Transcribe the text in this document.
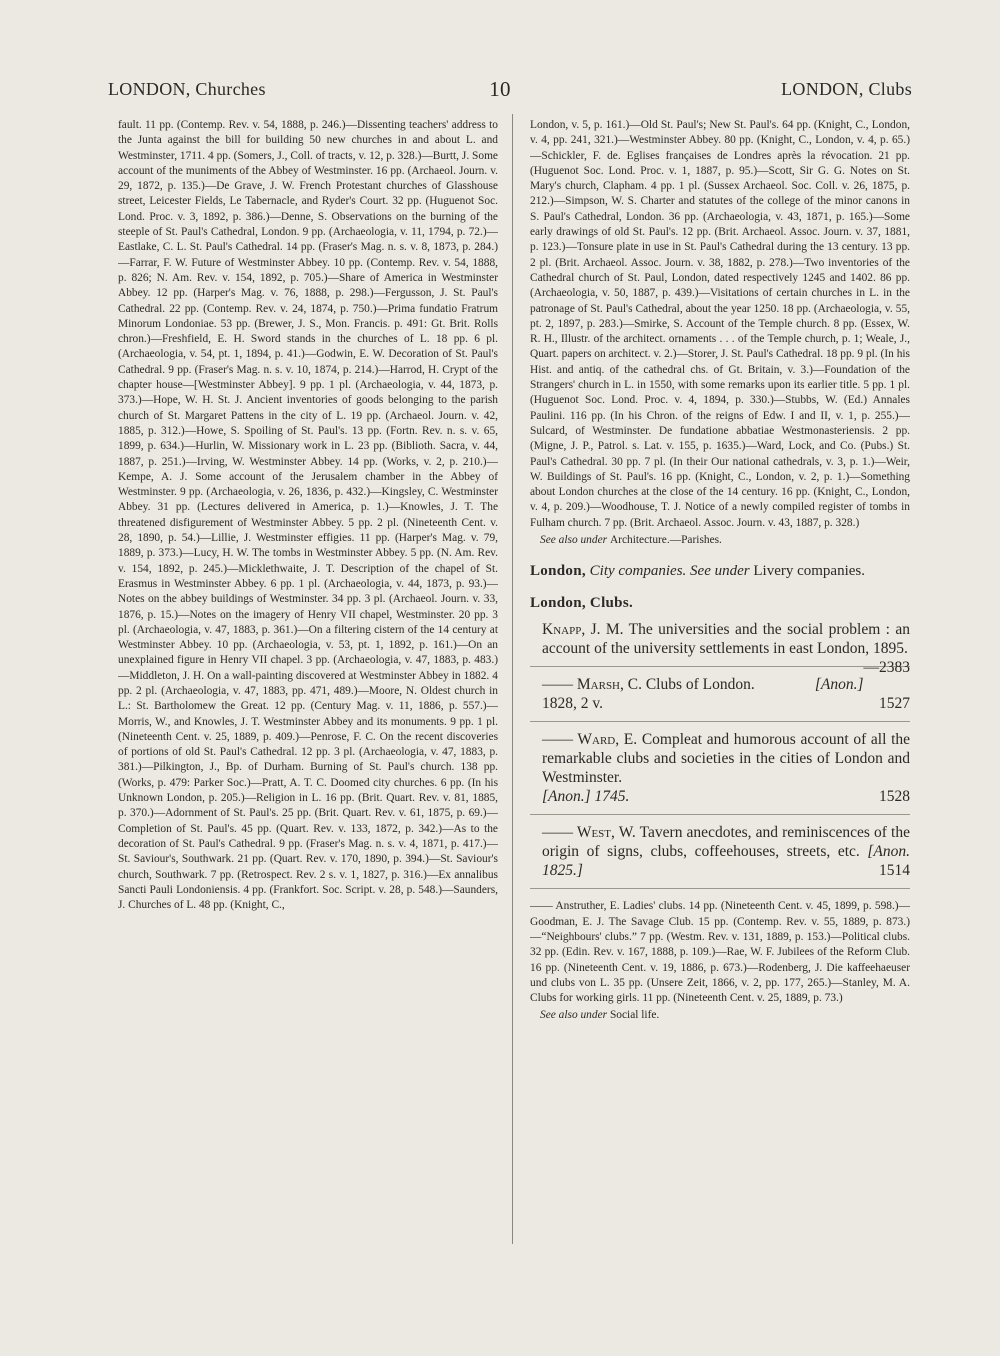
LONDON, Churches	10	LONDON, Clubs

fault. 11 pp. (Contemp. Rev. v. 54, 1888, p. 246.)—Dissenting teachers' address to the Junta against the bill for building 50 new churches in and about L. and Westminster, 1711. 4 pp. (Somers, J., Coll. of tracts, v. 12, p. 328.)—Burtt, J. Some account of the muniments of the Abbey of Westminster. 16 pp. (Archaeol. Journ. v. 29, 1872, p. 135.)—De Grave, J. W. French Protestant churches of Glasshouse street, Leicester Fields, Le Tabernacle, and Ryder's Court. 32 pp. (Huguenot Soc. Lond. Proc. v. 3, 1892, p. 386.)—Denne, S. Observations on the burning of the steeple of St. Paul's Cathedral, London. 9 pp. (Archaeologia, v. 11, 1794, p. 72.)—Eastlake, C. L. St. Paul's Cathedral. 14 pp. (Fraser's Mag. n. s. v. 8, 1873, p. 284.)—Farrar, F. W. Future of Westminster Abbey. 10 pp. (Contemp. Rev. v. 54, 1888, p. 826; N. Am. Rev. v. 154, 1892, p. 705.)—Share of America in Westminster Abbey. 12 pp. (Harper's Mag. v. 76, 1888, p. 298.)—Fergusson, J. St. Paul's Cathedral. 22 pp. (Contemp. Rev. v. 24, 1874, p. 750.)—Prima fundatio Fratrum Minorum Londoniae. 53 pp. (Brewer, J. S., Mon. Francis. p. 491: Gt. Brit. Rolls chron.)—Freshfield, E. H. Sword stands in the churches of L. 18 pp. 6 pl. (Archaeologia, v. 54, pt. 1, 1894, p. 41.)—Godwin, E. W. Decoration of St. Paul's Cathedral. 9 pp. (Fraser's Mag. n. s. v. 10, 1874, p. 214.)—Harrod, H. Crypt of the chapter house—[Westminster Abbey]. 9 pp. 1 pl. (Archaeologia, v. 44, 1873, p. 373.)—Hope, W. H. St. J. Ancient inventories of goods belonging to the parish church of St. Margaret Pattens in the city of L. 19 pp. (Archaeol. Journ. v. 42, 1885, p. 312.)—Howe, S. Spoiling of St. Paul's. 13 pp. (Fortn. Rev. n. s. v. 65, 1899, p. 634.)—Hurlin, W. Missionary work in L. 23 pp. (Biblioth. Sacra, v. 44, 1887, p. 251.)—Irving, W. Westminster Abbey. 14 pp. (Works, v. 2, p. 210.)—Kempe, A. J. Some account of the Jerusalem chamber in the Abbey of Westminster. 9 pp. (Archaeologia, v. 26, 1836, p. 432.)—Kingsley, C. Westminster Abbey. 31 pp. (Lectures delivered in America, p. 1.)—Knowles, J. T. The threatened disfigurement of Westminster Abbey. 5 pp. 2 pl. (Nineteenth Cent. v. 28, 1890, p. 54.)—Lillie, J. Westminster effigies. 11 pp. (Harper's Mag. v. 79, 1889, p. 373.)—Lucy, H. W. The tombs in Westminster Abbey. 5 pp. (N. Am. Rev. v. 154, 1892, p. 245.)—Micklethwaite, J. T. Description of the chapel of St. Erasmus in Westminster Abbey. 6 pp. 1 pl. (Archaeologia, v. 44, 1873, p. 93.)—Notes on the abbey buildings of Westminster. 34 pp. 3 pl. (Archaeol. Journ. v. 33, 1876, p. 15.)—Notes on the imagery of Henry VII chapel, Westminster. 20 pp. 3 pl. (Archaeologia, v. 47, 1883, p. 361.)—On a filtering cistern of the 14 century at Westminster Abbey. 10 pp. (Archaeologia, v. 53, pt. 1, 1892, p. 161.)—On an unexplained figure in Henry VII chapel. 3 pp. (Archaeologia, v. 47, 1883, p. 483.)—Middleton, J. H. On a wall-painting discovered at Westminster Abbey in 1882. 4 pp. 2 pl. (Archaeologia, v. 47, 1883, pp. 471, 489.)—Moore, N. Oldest church in L.: St. Bartholomew the Great. 12 pp. (Century Mag. v. 11, 1886, p. 557.)—Morris, W., and Knowles, J. T. Westminster Abbey and its monuments. 9 pp. 1 pl. (Nineteenth Cent. v. 25, 1889, p. 409.)—Penrose, F. C. On the recent discoveries of portions of old St. Paul's Cathedral. 12 pp. 3 pl. (Archaeologia, v. 47, 1883, p. 381.)—Pilkington, J., Bp. of Durham. Burning of St. Paul's church. 138 pp. (Works, p. 479: Parker Soc.)—Pratt, A. T. C. Doomed city churches. 6 pp. (In his Unknown London, p. 205.)—Religion in L. 16 pp. (Brit. Quart. Rev. v. 81, 1885, p. 370.)—Adornment of St. Paul's. 25 pp. (Brit. Quart. Rev. v. 61, 1875, p. 69.)—Completion of St. Paul's. 45 pp. (Quart. Rev. v. 133, 1872, p. 342.)—As to the decoration of St. Paul's Cathedral. 9 pp. (Fraser's Mag. n. s. v. 4, 1871, p. 417.)—St. Saviour's, Southwark. 21 pp. (Quart. Rev. v. 170, 1890, p. 394.)—St. Saviour's church, Southwark. 7 pp. (Retrospect. Rev. 2 s. v. 1, 1827, p. 316.)—Ex annalibus Sancti Pauli Londoniensis. 4 pp. (Frankfort. Soc. Script. v. 28, p. 548.)—Saunders, J. Churches of L. 48 pp. (Knight, C.,

London, v. 5, p. 161.)—Old St. Paul's; New St. Paul's. 64 pp. (Knight, C., London, v. 4, pp. 241, 321.)—Westminster Abbey. 80 pp. (Knight, C., London, v. 4, p. 65.)—Schickler, F. de. Eglises françaises de Londres après la révocation. 21 pp. (Huguenot Soc. Lond. Proc. v. 1, 1887, p. 95.)—Scott, Sir G. G. Notes on St. Mary's church, Clapham. 4 pp. 1 pl. (Sussex Archaeol. Soc. Coll. v. 26, 1875, p. 212.)—Simpson, W. S. Charter and statutes of the college of the minor canons in S. Paul's Cathedral, London. 36 pp. (Archaeologia, v. 43, 1871, p. 165.)—Some early drawings of old St. Paul's. 12 pp. (Brit. Archaeol. Assoc. Journ. v. 37, 1881, p. 123.)—Tonsure plate in use in St. Paul's Cathedral during the 13 century. 13 pp. 2 pl. (Brit. Archaeol. Assoc. Journ. v. 38, 1882, p. 278.)—Two inventories of the Cathedral church of St. Paul, London, dated respectively 1245 and 1402. 86 pp. (Archaeologia, v. 50, 1887, p. 439.)—Visitations of certain churches in L. in the patronage of St. Paul's Cathedral, about the year 1250. 18 pp. (Archaeologia, v. 55, pt. 2, 1897, p. 283.)—Smirke, S. Account of the Temple church. 8 pp. (Essex, W. R. H., Illustr. of the architect. ornaments . . . of the Temple church, p. 1; Weale, J., Quart. papers on architect. v. 2.)—Storer, J. St. Paul's Cathedral. 18 pp. 9 pl. (In his Hist. and antiq. of the cathedral chs. of Gt. Britain, v. 3.)—Foundation of the Strangers' church in L. in 1550, with some remarks upon its earlier title. 5 pp. 1 pl. (Huguenot Soc. Lond. Proc. v. 4, 1894, p. 330.)—Stubbs, W. (Ed.) Annales Paulini. 116 pp. (In his Chron. of the reigns of Edw. I and II, v. 1, p. 255.)—Sulcard, of Westminster. De fundatione abbatiae Westmonasteriensis. 2 pp. (Migne, J. P., Patrol. s. Lat. v. 155, p. 1635.)—Ward, Lock, and Co. (Pubs.) St. Paul's Cathedral. 30 pp. 7 pl. (In their Our national cathedrals, v. 3, p. 1.)—Weir, W. Buildings of St. Paul's. 16 pp. (Knight, C., London, v. 2, p. 1.)—Something about London churches at the close of the 14 century. 16 pp. (Knight, C., London, v. 4, p. 209.)—Woodhouse, T. J. Notice of a newly compiled register of tombs in Fulham church. 7 pp. (Brit. Archaeol. Assoc. Journ. v. 43, 1887, p. 328.)

See also under Architecture.—Parishes.

London, City companies. See under Livery companies.

London, Clubs.

Knapp, J. M. The universities and the social problem : an account of the university settlements in east London, 1895.
—2383
—— Marsh, C. Clubs of London.	[Anon.]
1828, 2 v.	1527
—— Ward, E. Compleat and humorous account of all the remarkable clubs and societies in the cities of London and Westminster.
[Anon.] 1745.	1528
—— West, W. Tavern anecdotes, and reminiscences of the origin of signs, clubs, coffeehouses, streets, etc. [Anon. 1825.]	1514

—— Anstruther, E. Ladies' clubs. 14 pp. (Nineteenth Cent. v. 45, 1899, p. 598.)—Goodman, E. J. The Savage Club. 15 pp. (Contemp. Rev. v. 55, 1889, p. 873.)—“Neighbours' clubs.” 7 pp. (Westm. Rev. v. 131, 1889, p. 153.)—Political clubs. 32 pp. (Edin. Rev. v. 167, 1888, p. 109.)—Rae, W. F. Jubilees of the Reform Club. 16 pp. (Nineteenth Cent. v. 19, 1886, p. 673.)—Rodenberg, J. Die kaffeehaeuser und clubs von L. 35 pp. (Unsere Zeit, 1866, v. 2, pp. 177, 265.)—Stanley, M. A. Clubs for working girls. 11 pp. (Nineteenth Cent. v. 25, 1889, p. 73.)

See also under Social life.
